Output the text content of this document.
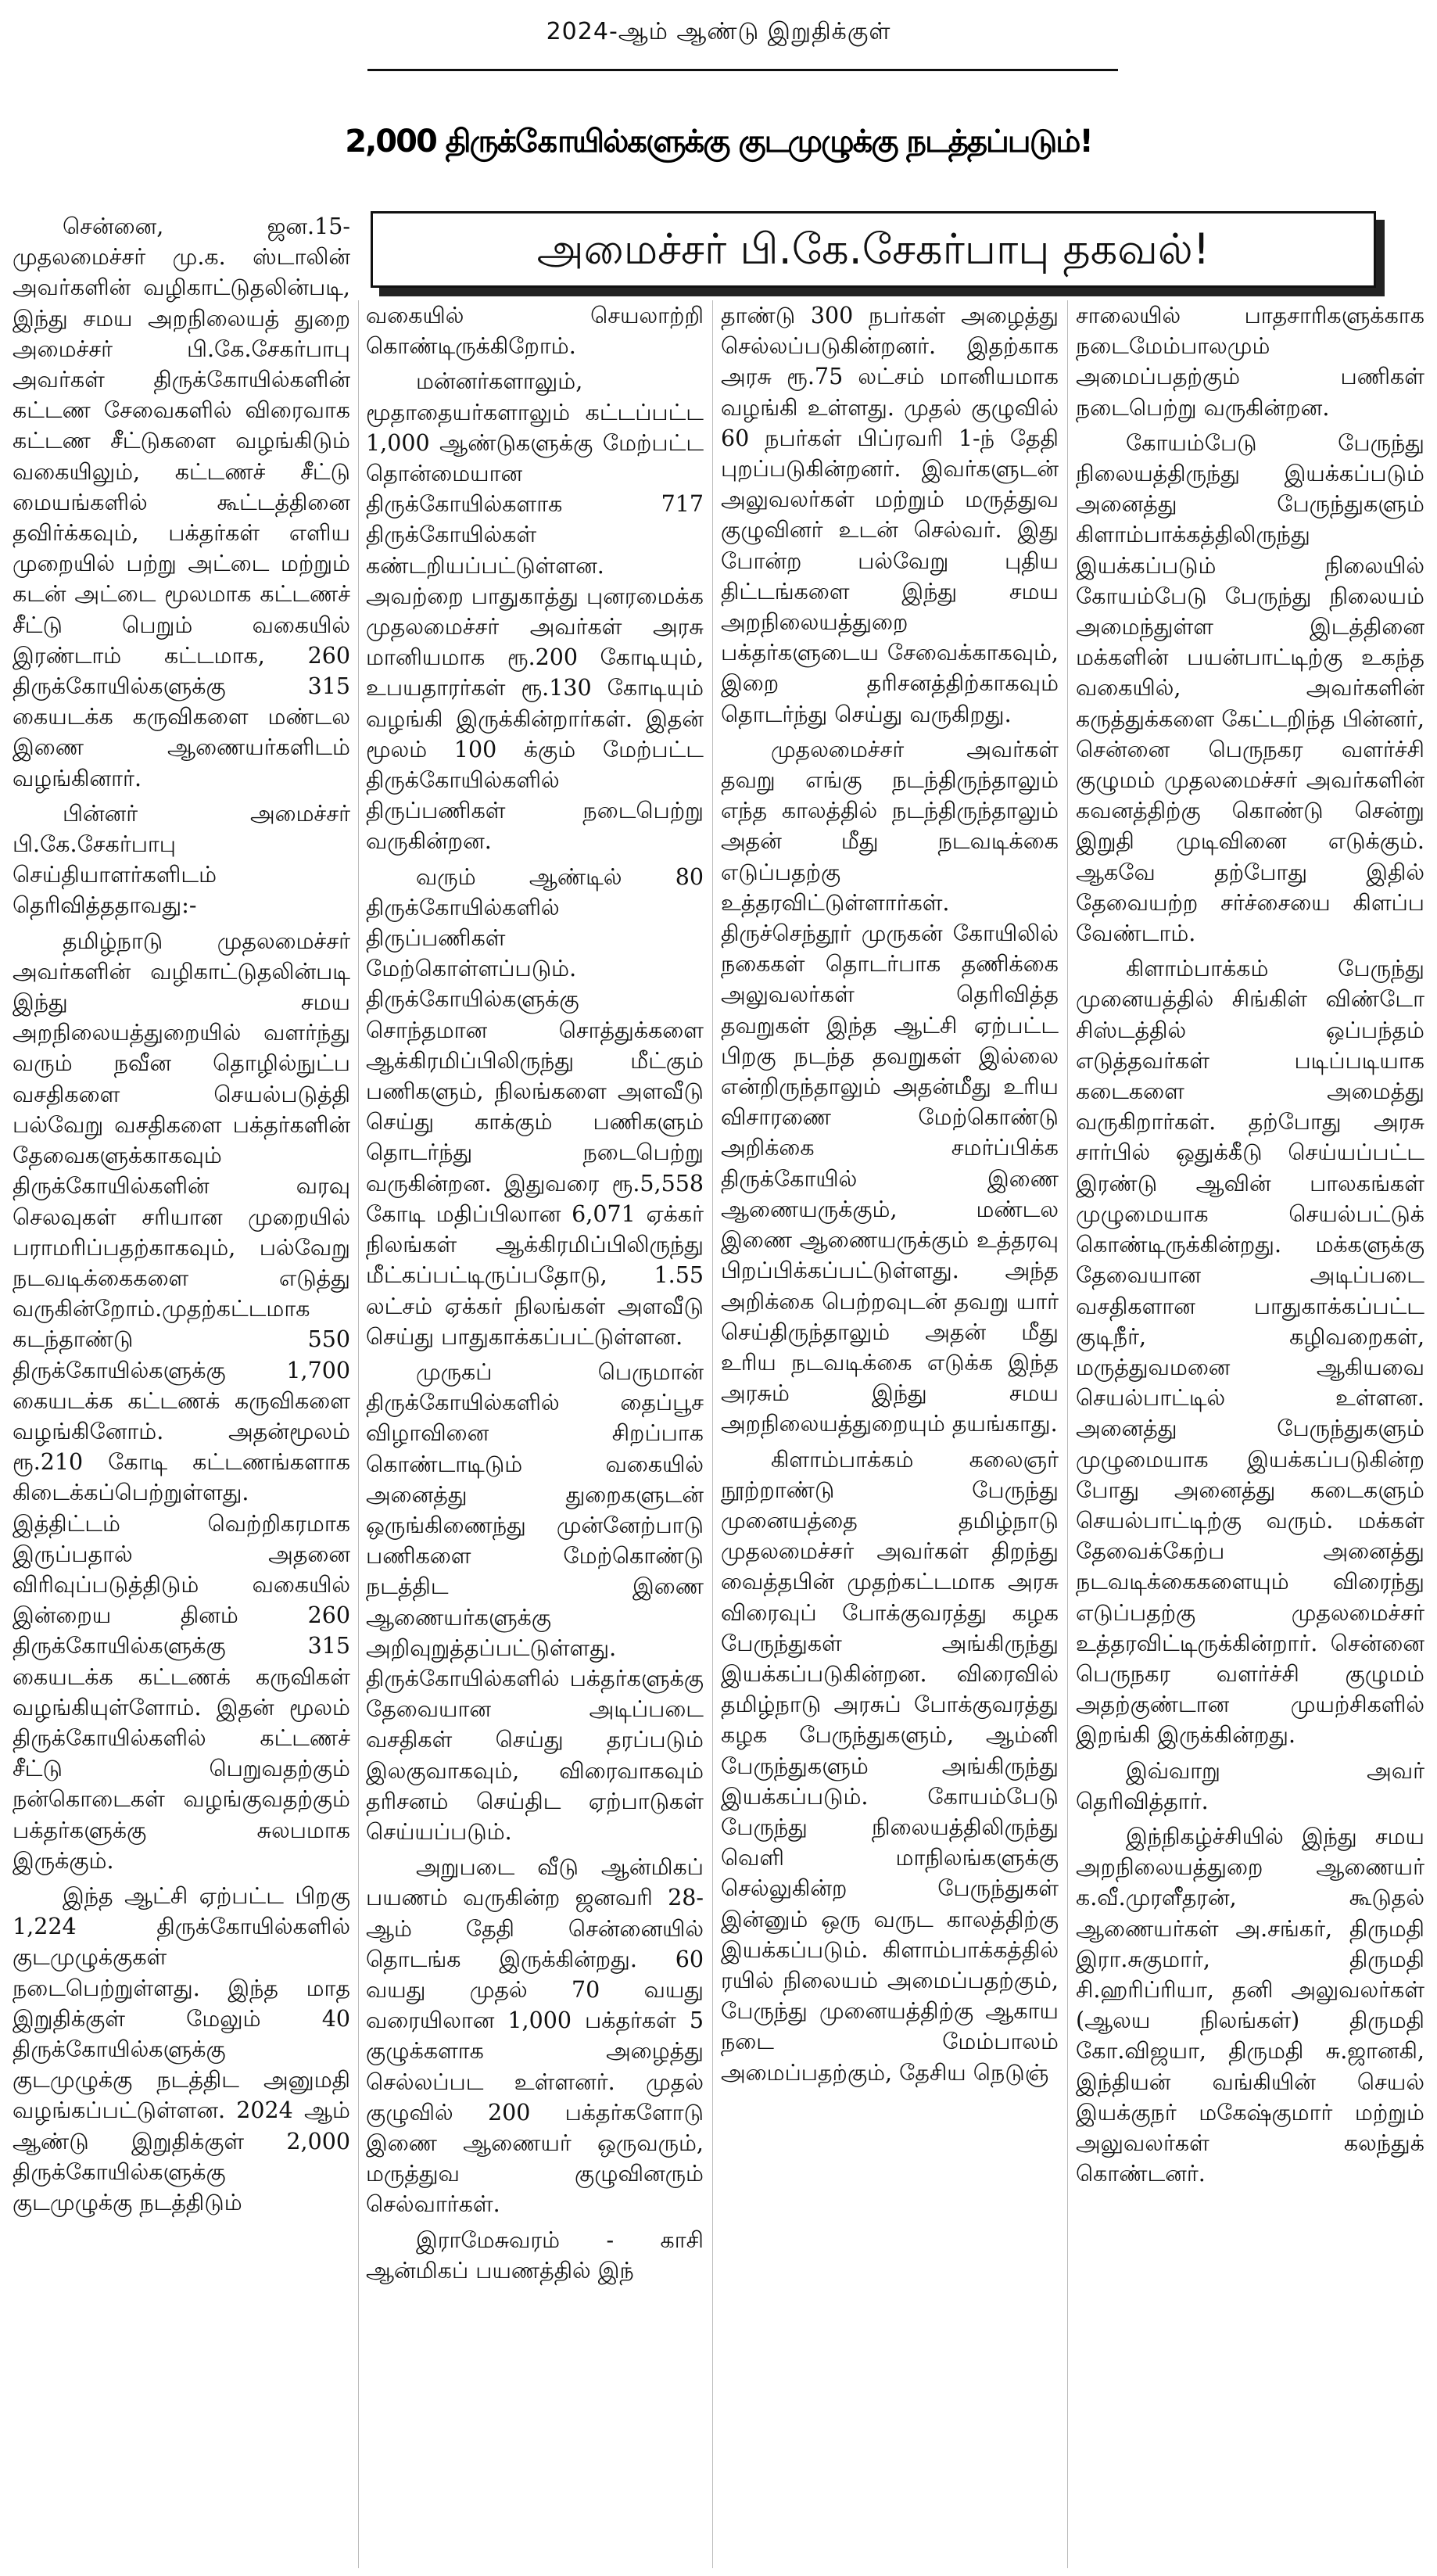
2024-ஆம் ஆண்டு இறுதிக்குள்
2,000 திருக்கோயில்களுக்கு குடமுழுக்கு நடத்தப்படும்!
அமைச்சர் பி.கே.சேகர்பாபு தகவல்!

சென்னை, ஜன.15- முதலமைச்சர் மு.க. ஸ்டாலின் அவர்களின் வழிகாட்டுதலின்படி, இந்து சமய அறநிலையத் துறை அமைச்சர் பி.கே.சேகர்பாபு அவர்கள் திருக்கோயில்களின் கட்டண சேவைகளில் விரைவாக கட்டண சீட்டுகளை வழங்கிடும் வகையிலும், கட்டணச் சீட்டு மையங்களில் கூட்டத்தினை தவிர்க்கவும், பக்தர்கள் எளிய முறையில் பற்று அட்டை மற்றும் கடன் அட்டை மூலமாக கட்டணச் சீட்டு பெறும் வகையில் இரண்டாம் கட்டமாக, 260 திருக்கோயில்களுக்கு 315 கையடக்க கருவிகளை மண்டல இணை ஆணையர்களிடம் வழங்கினார்.

பின்னர் அமைச்சர் பி.கே.சேகர்பாபு செய்தியாளர்களிடம் தெரிவித்ததாவது:-

தமிழ்நாடு முதலமைச்சர் அவர்களின் வழிகாட்டுதலின்படி இந்து சமய அறநிலையத்துறையில் வளர்ந்து வரும் நவீன தொழில்நுட்ப வசதிகளை செயல்படுத்தி பல்வேறு வசதிகளை பக்தர்களின் தேவைகளுக்காகவும் திருக்கோயில்களின் வரவு செலவுகள் சரியான முறையில் பராமரிப்பதற்காகவும், பல்வேறு நடவடிக்கைகளை எடுத்து வருகின்றோம்.முதற்கட்டமாக கடந்தாண்டு 550 திருக்கோயில்களுக்கு 1,700 கையடக்க கட்டணக் கருவிகளை வழங்கினோம். அதன்மூலம் ரூ.210 கோடி கட்டணங்களாக கிடைக்கப்பெற்றுள்ளது. இத்திட்டம் வெற்றிகரமாக இருப்பதால் அதனை விரிவுப்படுத்திடும் வகையில் இன்றைய தினம் 260 திருக்கோயில்களுக்கு 315 கையடக்க கட்டணக் கருவிகள் வழங்கியுள்ளோம். இதன் மூலம் திருக்கோயில்களில் கட்டணச் சீட்டு பெறுவதற்கும் நன்கொடைகள் வழங்குவதற்கும் பக்தர்களுக்கு சுலபமாக இருக்கும்.

இந்த ஆட்சி ஏற்பட்ட பிறகு 1,224 திருக்கோயில்களில் குடமுழுக்குகள் நடைபெற்றுள்ளது. இந்த மாத இறுதிக்குள் மேலும் 40 திருக்கோயில்களுக்கு குடமுழுக்கு நடத்திட அனுமதி வழங்கப்பட்டுள்ளன. 2024 ஆம் ஆண்டு இறுதிக்குள் 2,000 திருக்கோயில்களுக்கு குடமுழுக்கு நடத்திடும்

வகையில் செயலாற்றி கொண்டிருக்கிறோம்.

மன்னர்களாலும், மூதாதையர்களாலும் கட்டப்பட்ட 1,000 ஆண்டுகளுக்கு மேற்பட்ட தொன்மையான திருக்கோயில்களாக 717 திருக்கோயில்கள் கண்டறியப்பட்டுள்ளன. அவற்றை பாதுகாத்து புனரமைக்க முதலமைச்சர் அவர்கள் அரசு மானியமாக ரூ.200 கோடியும், உபயதாரர்கள் ரூ.130 கோடியும் வழங்கி இருக்கின்றார்கள். இதன் மூலம் 100 க்கும் மேற்பட்ட திருக்கோயில்களில் திருப்பணிகள் நடைபெற்று வருகின்றன.

வரும் ஆண்டில் 80 திருக்கோயில்களில் திருப்பணிகள் மேற்கொள்ளப்படும். திருக்கோயில்களுக்கு சொந்தமான சொத்துக்களை ஆக்கிரமிப்பிலிருந்து மீட்கும் பணிகளும், நிலங்களை அளவீடு செய்து காக்கும் பணிகளும் தொடர்ந்து நடைபெற்று வருகின்றன. இதுவரை ரூ.5,558 கோடி மதிப்பிலான 6,071 ஏக்கர் நிலங்கள் ஆக்கிரமிப்பிலிருந்து மீட்கப்பட்டிருப்பதோடு, 1.55 லட்சம் ஏக்கர் நிலங்கள் அளவீடு செய்து பாதுகாக்கப்பட்டுள்ளன.

முருகப் பெருமான் திருக்கோயில்களில் தைப்பூச விழாவினை சிறப்பாக கொண்டாடிடும் வகையில் அனைத்து துறைகளுடன் ஒருங்கிணைந்து முன்னேற்பாடு பணிகளை மேற்கொண்டு நடத்திட இணை ஆணையர்களுக்கு அறிவுறுத்தப்பட்டுள்ளது. திருக்கோயில்களில் பக்தர்களுக்கு தேவையான அடிப்படை வசதிகள் செய்து தரப்படும் இலகுவாகவும், விரைவாகவும் தரிசனம் செய்திட ஏற்பாடுகள் செய்யப்படும்.

அறுபடை வீடு ஆன்மிகப் பயணம் வருகின்ற ஜனவரி 28-ஆம் தேதி சென்னையில் தொடங்க இருக்கின்றது. 60 வயது முதல் 70 வயது வரையிலான 1,000 பக்தர்கள் 5 குழுக்களாக அழைத்து செல்லப்பட உள்ளனர். முதல் குழுவில் 200 பக்தர்களோடு இணை ஆணையர் ஒருவரும், மருத்துவ குழுவினரும் செல்வார்கள்.

இராமேசுவரம் - காசி ஆன்மிகப் பயணத்தில் இந்

தாண்டு 300 நபர்கள் அழைத்து செல்லப்படுகின்றனர். இதற்காக அரசு ரூ.75 லட்சம் மானியமாக வழங்கி உள்ளது. முதல் குழுவில் 60 நபர்கள் பிப்ரவரி 1-ந் தேதி புறப்படுகின்றனர். இவர்களுடன் அலுவலர்கள் மற்றும் மருத்துவ குழுவினர் உடன் செல்வர். இது போன்ற பல்வேறு புதிய திட்டங்களை இந்து சமய அறநிலையத்துறை பக்தர்களுடைய சேவைக்காகவும், இறை தரிசனத்திற்காகவும் தொடர்ந்து செய்து வருகிறது.

முதலமைச்சர் அவர்கள் தவறு எங்கு நடந்திருந்தாலும் எந்த காலத்தில் நடந்திருந்தாலும் அதன் மீது நடவடிக்கை எடுப்பதற்கு உத்தரவிட்டுள்ளார்கள். திருச்செந்தூர் முருகன் கோயிலில் நகைகள் தொடர்பாக தணிக்கை அலுவலர்கள் தெரிவித்த தவறுகள் இந்த ஆட்சி ஏற்பட்ட பிறகு நடந்த தவறுகள் இல்லை என்றிருந்தாலும் அதன்மீது உரிய விசாரணை மேற்கொண்டு அறிக்கை சமர்ப்பிக்க திருக்கோயில் இணை ஆணையருக்கும், மண்டல இணை ஆணையருக்கும் உத்தரவு பிறப்பிக்கப்பட்டுள்ளது. அந்த அறிக்கை பெற்றவுடன் தவறு யார் செய்திருந்தாலும் அதன் மீது உரிய நடவடிக்கை எடுக்க இந்த அரசும் இந்து சமய அறநிலையத்துறையும் தயங்காது.

கிளாம்பாக்கம் கலைஞர் நூற்றாண்டு பேருந்து முனையத்தை தமிழ்நாடு முதலமைச்சர் அவர்கள் திறந்து வைத்தபின் முதற்கட்டமாக அரசு விரைவுப் போக்குவரத்து கழக பேருந்துகள் அங்கிருந்து இயக்கப்படுகின்றன. விரைவில் தமிழ்நாடு அரசுப் போக்குவரத்து கழக பேருந்துகளும், ஆம்னி பேருந்துகளும் அங்கிருந்து இயக்கப்படும். கோயம்பேடு பேருந்து நிலையத்திலிருந்து வெளி மாநிலங்களுக்கு செல்லுகின்ற பேருந்துகள் இன்னும் ஒரு வருட காலத்திற்கு இயக்கப்படும். கிளாம்பாக்கத்தில் ரயில் நிலையம் அமைப்பதற்கும், பேருந்து முனையத்திற்கு ஆகாய நடை மேம்பாலம் அமைப்பதற்கும், தேசிய நெடுஞ்

சாலையில் பாதசாரிகளுக்காக நடைமேம்பாலமும் அமைப்பதற்கும் பணிகள் நடைபெற்று வருகின்றன.

கோயம்பேடு பேருந்து நிலையத்திருந்து இயக்கப்படும் அனைத்து பேருந்துகளும் கிளாம்பாக்கத்திலிருந்து இயக்கப்படும் நிலையில் கோயம்பேடு பேருந்து நிலையம் அமைந்துள்ள இடத்தினை மக்களின் பயன்பாட்டிற்கு உகந்த வகையில், அவர்களின் கருத்துக்களை கேட்டறிந்த பின்னர், சென்னை பெருநகர வளர்ச்சி குழுமம் முதலமைச்சர் அவர்களின் கவனத்திற்கு கொண்டு சென்று இறுதி முடிவினை எடுக்கும். ஆகவே தற்போது இதில் தேவையற்ற சர்ச்சையை கிளப்ப வேண்டாம்.

கிளாம்பாக்கம் பேருந்து முனையத்தில் சிங்கிள் விண்டோ சிஸ்டத்தில் ஒப்பந்தம் எடுத்தவர்கள் படிப்படியாக கடைகளை அமைத்து வருகிறார்கள். தற்போது அரசு சார்பில் ஒதுக்கீடு செய்யப்பட்ட இரண்டு ஆவின் பாலகங்கள் முழுமையாக செயல்பட்டுக் கொண்டிருக்கின்றது. மக்களுக்கு தேவையான அடிப்படை வசதிகளான பாதுகாக்கப்பட்ட குடிநீர், கழிவறைகள், மருத்துவமனை ஆகியவை செயல்பாட்டில் உள்ளன. அனைத்து பேருந்துகளும் முழுமையாக இயக்கப்படுகின்ற போது அனைத்து கடைகளும் செயல்பாட்டிற்கு வரும். மக்கள் தேவைக்கேற்ப அனைத்து நடவடிக்கைகளையும் விரைந்து எடுப்பதற்கு முதலமைச்சர் உத்தரவிட்டிருக்கின்றார். சென்னை பெருநகர வளர்ச்சி குழுமம் அதற்குண்டான முயற்சிகளில் இறங்கி இருக்கின்றது.

இவ்வாறு அவர் தெரிவித்தார்.

இந்நிகழ்ச்சியில் இந்து சமய அறநிலையத்துறை ஆணையர் க.வீ.முரளீதரன், கூடுதல் ஆணையர்கள் அ.சங்கர், திருமதி இரா.சுகுமார், திருமதி சி.ஹரிப்ரியா, தனி அலுவலர்கள் (ஆலய நிலங்கள்) திருமதி கோ.விஜயா, திருமதி சு.ஜானகி, இந்தியன் வங்கியின் செயல் இயக்குநர் மகேஷ்குமார் மற்றும் அலுவலர்கள் கலந்துக் கொண்டனர்.
